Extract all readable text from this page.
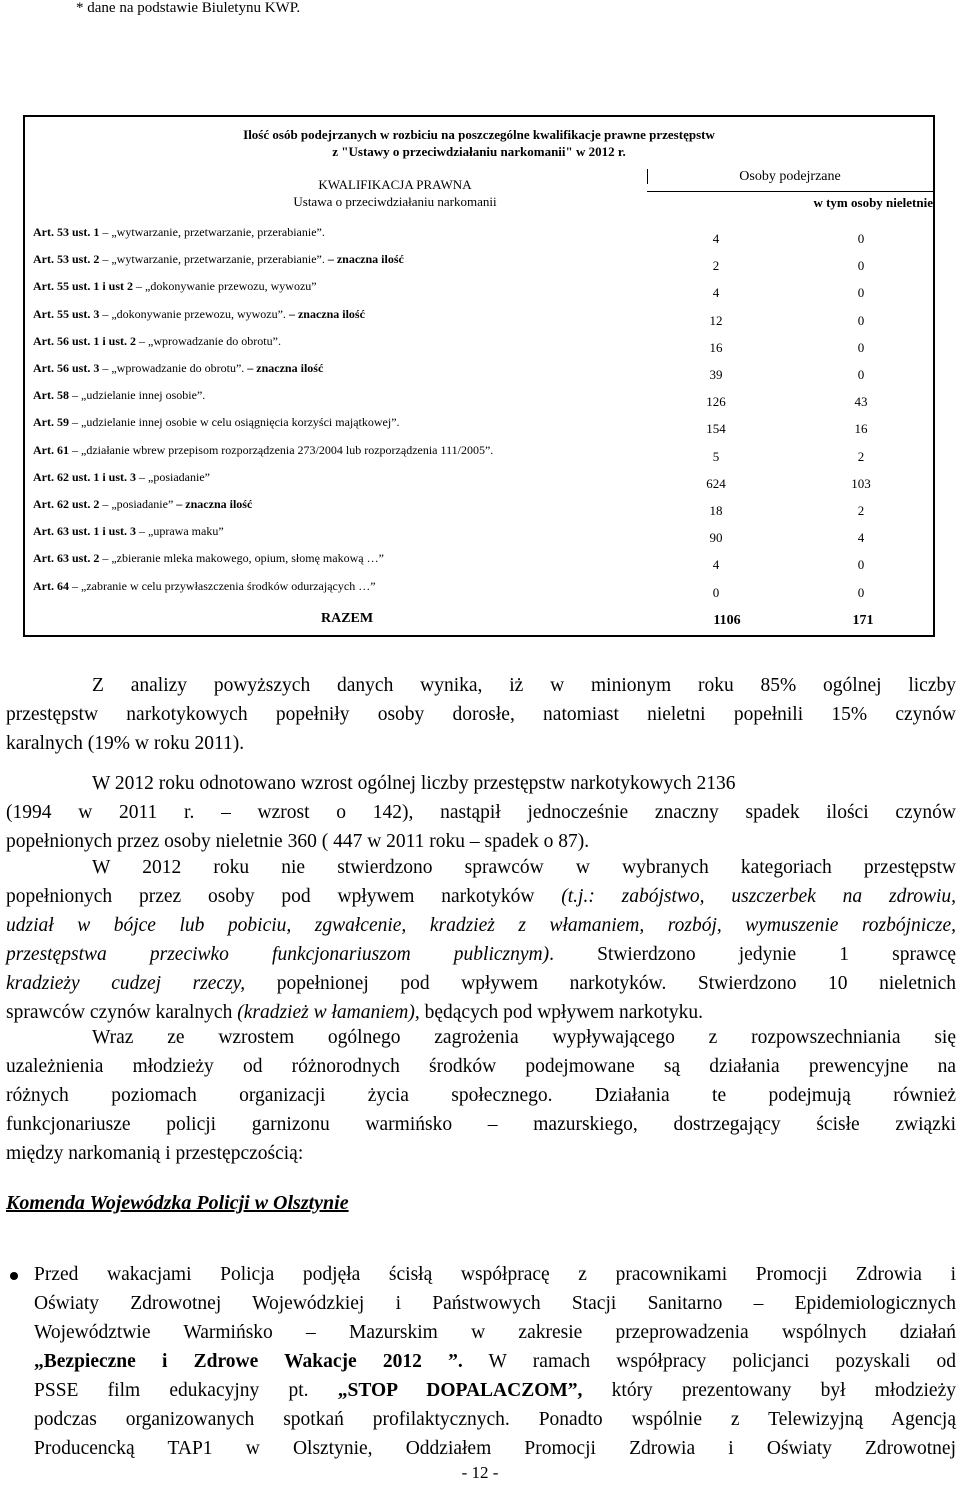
* dane na podstawie Biuletynu KWP.
Ilość osób podejrzanych w rozbiciu na poszczególne kwalifikacje prawne przestępstw
z "Ustawy o przeciwdziałaniu narkomanii" w 2012 r.
KWALIFIKACJA PRAWNA
Ustawa o przeciwdziałaniu narkomanii
Osoby podejrzane
w tym osoby nieletnie
Art. 53 ust. 1 – „wytwarzanie, przetwarzanie, przerabianie”.	4	0
Art. 53 ust. 2 – „wytwarzanie, przetwarzanie, przerabianie”. – znaczna ilość	2	0
Art. 55 ust. 1 i ust 2 – „dokonywanie przewozu, wywozu”	4	0
Art. 55 ust. 3 – „dokonywanie przewozu, wywozu”. – znaczna ilość	12	0
Art. 56 ust. 1 i ust. 2 – „wprowadzanie do obrotu”.	16	0
Art. 56 ust. 3 – „wprowadzanie do obrotu”. – znaczna ilość	39	0
Art. 58 – „udzielanie innej osobie”.	126	43
Art. 59 – „udzielanie innej osobie w celu osiągnięcia korzyści majątkowej”.	154	16
Art. 61 – „działanie wbrew przepisom rozporządzenia 273/2004 lub rozporządzenia 111/2005”.	5	2
Art. 62 ust. 1 i ust. 3 – „posiadanie”	624	103
Art. 62 ust. 2 – „posiadanie” – znaczna ilość	18	2
Art. 63 ust. 1 i ust. 3 – „uprawa maku”	90	4
Art. 63 ust. 2 – „zbieranie mleka makowego, opium, słomę makową …”	4	0
Art. 64 – „zabranie w celu przywłaszczenia środków odurzających …”	0	0
RAZEM	1106	171
Z analizy powyższych danych wynika, iż w minionym roku 85% ogólnej liczby
przestępstw narkotykowych popełniły osoby dorosłe, natomiast nieletni popełnili 15% czynów
karalnych (19% w roku 2011).
W 2012 roku odnotowano wzrost ogólnej liczby przestępstw narkotykowych 2136
(1994 w 2011 r. – wzrost o 142), nastąpił jednocześnie znaczny spadek ilości czynów
popełnionych przez osoby nieletnie 360 ( 447 w 2011 roku – spadek o 87).
W 2012 roku nie stwierdzono sprawców w wybranych kategoriach przestępstw
popełnionych przez osoby pod wpływem narkotyków (t.j.: zabójstwo, uszczerbek na zdrowiu,
udział w bójce lub pobiciu, zgwałcenie, kradzież z włamaniem, rozbój, wymuszenie rozbójnicze,
przestępstwa przeciwko funkcjonariuszom publicznym). Stwierdzono jedynie 1 sprawcę
kradzieży cudzej rzeczy, popełnionej pod wpływem narkotyków. Stwierdzono 10 nieletnich
sprawców czynów karalnych (kradzież w łamaniem), będących pod wpływem narkotyku.
Wraz ze wzrostem ogólnego zagrożenia wypływającego z rozpowszechniania się
uzależnienia młodzieży od różnorodnych środków podejmowane są działania prewencyjne na
różnych poziomach organizacji życia społecznego. Działania te podejmują również
funkcjonariusze policji garnizonu warmińsko – mazurskiego, dostrzegający ścisłe związki
między narkomanią i przestępczością:
Komenda Wojewódzka Policji w Olsztynie
Przed wakacjami Policja podjęła ścisłą współpracę z pracownikami Promocji Zdrowia i
Oświaty Zdrowotnej Wojewódzkiej i Państwowych Stacji Sanitarno – Epidemiologicznych
Województwie Warmińsko – Mazurskim w zakresie przeprowadzenia wspólnych działań
„Bezpieczne i Zdrowe Wakacje 2012 ”. W ramach współpracy policjanci pozyskali od
PSSE film edukacyjny pt. „STOP DOPALACZOM”, który prezentowany był młodzieży
podczas organizowanych spotkań profilaktycznych. Ponadto wspólnie z Telewizyjną Agencją
Producencką TAP1 w Olsztynie, Oddziałem Promocji Zdrowia i Oświaty Zdrowotnej
- 12 -
